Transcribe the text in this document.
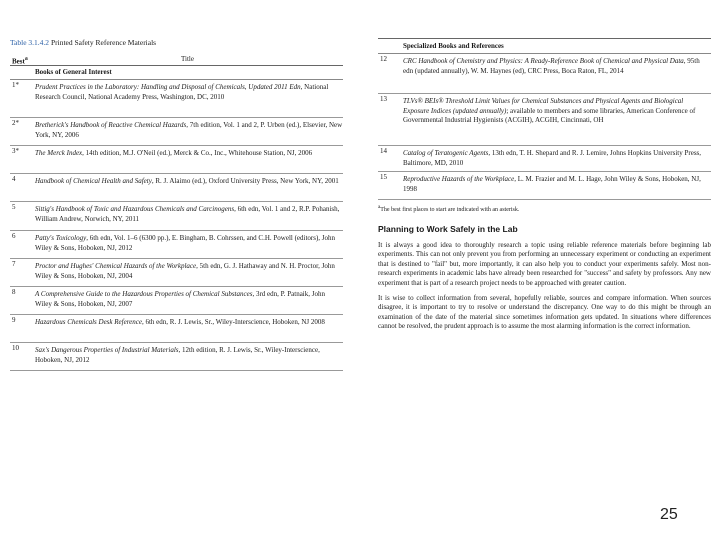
Table 3.1.4.2 Printed Safety Reference Materials
Best$^a$	Title
Books of General Interest
1*	Prudent Practices in the Laboratory: Handling and Disposal of Chemicals, Updated 2011 Edn, National Research Council, National Academy Press, Washington, DC, 2010
2*	Bretherick's Handbook of Reactive Chemical Hazards, 7th edition, Vol. 1 and 2, P. Urben (ed.), Elsevier, New York, NY, 2006
3*	The Merck Index, 14th edition, M.J. O'Neil (ed.), Merck & Co., Inc., Whitehouse Station, NJ, 2006
4	Handbook of Chemical Health and Safety, R. J. Alaimo (ed.), Oxford University Press, New York, NY, 2001
5	Sittig's Handbook of Toxic and Hazardous Chemicals and Carcinogens, 6th edn, Vol. 1 and 2, R.P. Pohanish, William Andrew, Norwich, NY, 2011
6	Patty's Toxicology, 6th edn, Vol. 1–6 (6300 pp.), E. Bingham, B. Cohrssen, and C.H. Powell (editors), John Wiley & Sons, Hoboken, NJ, 2012
7	Proctor and Hughes' Chemical Hazards of the Workplace, 5th edn, G. J. Hathaway and N. H. Proctor, John Wiley & Sons, Hoboken, NJ, 2004
8	A Comprehensive Guide to the Hazardous Properties of Chemical Substances, 3rd edn, P. Patnaik, John Wiley & Sons, Hoboken, NJ, 2007
9	Hazardous Chemicals Desk Reference, 6th edn, R. J. Lewis, Sr., Wiley-Interscience, Hoboken, NJ 2008
10	Sax's Dangerous Properties of Industrial Materials, 12th edition, R. J. Lewis, Sr., Wiley-Interscience, Hoboken, NJ, 2012
Specialized Books and References
12	CRC Handbook of Chemistry and Physics: A Ready-Reference Book of Chemical and Physical Data, 95th edn (updated annually), W. M. Haynes (ed), CRC Press, Boca Raton, FL, 2014
13	TLVs® BEIs® Threshold Limit Values for Chemical Substances and Physical Agents and Biological Exposure Indices (updated annually); available to members and some libraries, American Conference of Governmental Industrial Hygienists (ACGIH), ACGIH, Cincinnati, OH
14	Catalog of Teratogenic Agents, 13th edn, T. H. Shepard and R. J. Lemire, Johns Hopkins University Press, Baltimore, MD, 2010
15	Reproductive Hazards of the Workplace, L. M. Frazier and M. L. Hage, John Wiley & Sons, Hoboken, NJ, 1998
$^a$The best first places to start are indicated with an asterisk.
Planning to Work Safely in the Lab
It is always a good idea to thoroughly research a topic using reliable reference materials before beginning lab experiments. This can not only prevent you from performing an unnecessary experiment or conducting an experiment that is destined to "fail" but, more importantly, it can also help you to conduct your experiments safely. Most non-research experiments in academic labs have already been researched for "success" and safety by professors. Any new experiment that is part of a research project needs to be approached with greater caution.
It is wise to collect information from several, hopefully reliable, sources and compare information. When sources disagree, it is important to try to resolve or understand the discrepancy. One way to do this might be through an examination of the date of the material since sometimes information gets updated. In situations where differences cannot be resolved, the prudent approach is to assume the most alarming information is the correct information.
25
